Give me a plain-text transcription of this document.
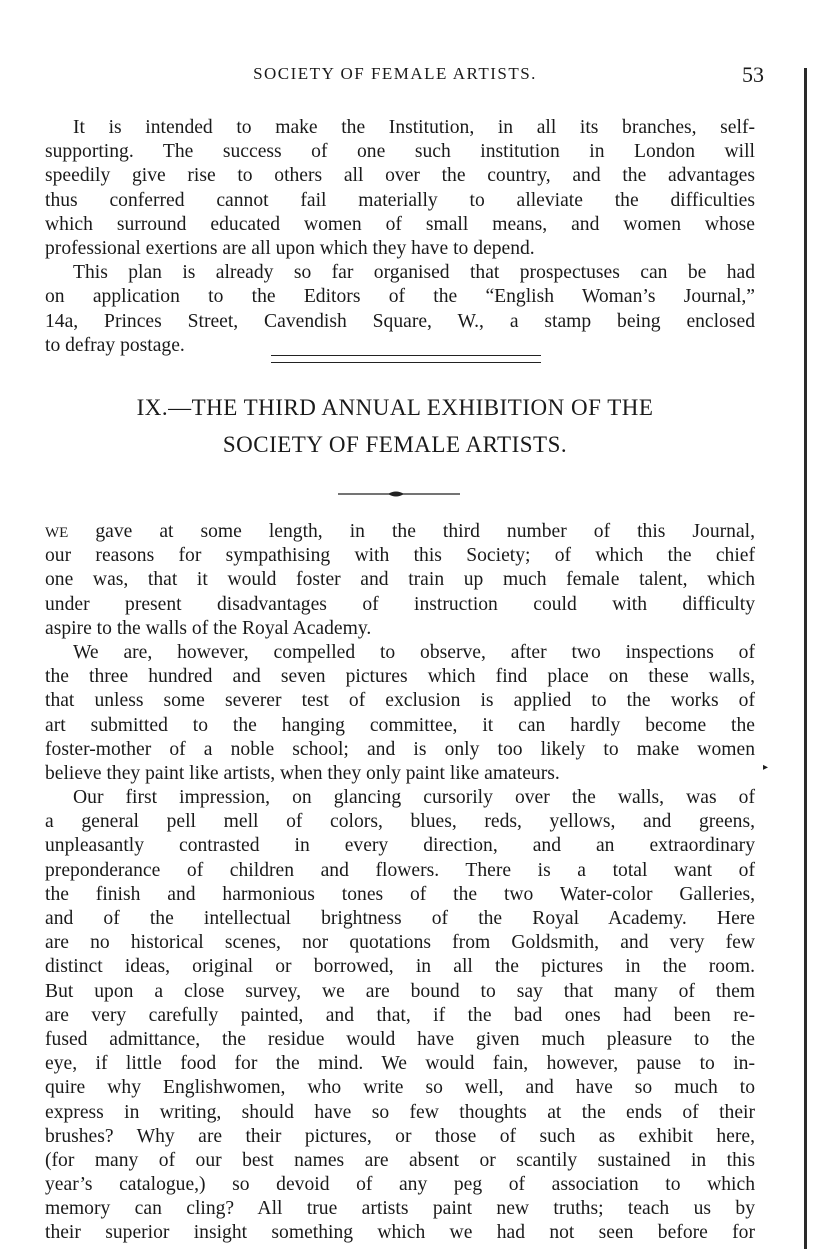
SOCIETY OF FEMALE ARTISTS.	53
It is intended to make the Institution, in all its branches, self-
supporting. The success of one such institution in London will
speedily give rise to others all over the country, and the advantages
thus conferred cannot fail materially to alleviate the difficulties
which surround educated women of small means, and women whose
professional exertions are all upon which they have to depend.
This plan is already so far organised that prospectuses can be had
on application to the Editors of the “English Woman’s Journal,”
14a, Princes Street, Cavendish Square, W., a stamp being enclosed
to defray postage.
IX.—THE THIRD ANNUAL EXHIBITION OF THE
SOCIETY OF FEMALE ARTISTS.
WE gave at some length, in the third number of this Journal,
our reasons for sympathising with this Society; of which the chief
one was, that it would foster and train up much female talent, which
under present disadvantages of instruction could with difficulty
aspire to the walls of the Royal Academy.
We are, however, compelled to observe, after two inspections of
the three hundred and seven pictures which find place on these walls,
that unless some severer test of exclusion is applied to the works of
art submitted to the hanging committee, it can hardly become the
foster-mother of a noble school; and is only too likely to make women
believe they paint like artists, when they only paint like amateurs.
Our first impression, on glancing cursorily over the walls, was of
a general pell mell of colors, blues, reds, yellows, and greens,
unpleasantly contrasted in every direction, and an extraordinary
preponderance of children and flowers. There is a total want of
the finish and harmonious tones of the two Water-color Galleries,
and of the intellectual brightness of the Royal Academy. Here
are no historical scenes, nor quotations from Goldsmith, and very few
distinct ideas, original or borrowed, in all the pictures in the room.
But upon a close survey, we are bound to say that many of them
are very carefully painted, and that, if the bad ones had been re-
fused admittance, the residue would have given much pleasure to the
eye, if little food for the mind. We would fain, however, pause to in-
quire why Englishwomen, who write so well, and have so much to
express in writing, should have so few thoughts at the ends of their
brushes? Why are their pictures, or those of such as exhibit here,
(for many of our best names are absent or scantily sustained in this
year’s catalogue,) so devoid of any peg of association to which
memory can cling? All true artists paint new truths; teach us by
their superior insight something which we had not seen before for
▸
